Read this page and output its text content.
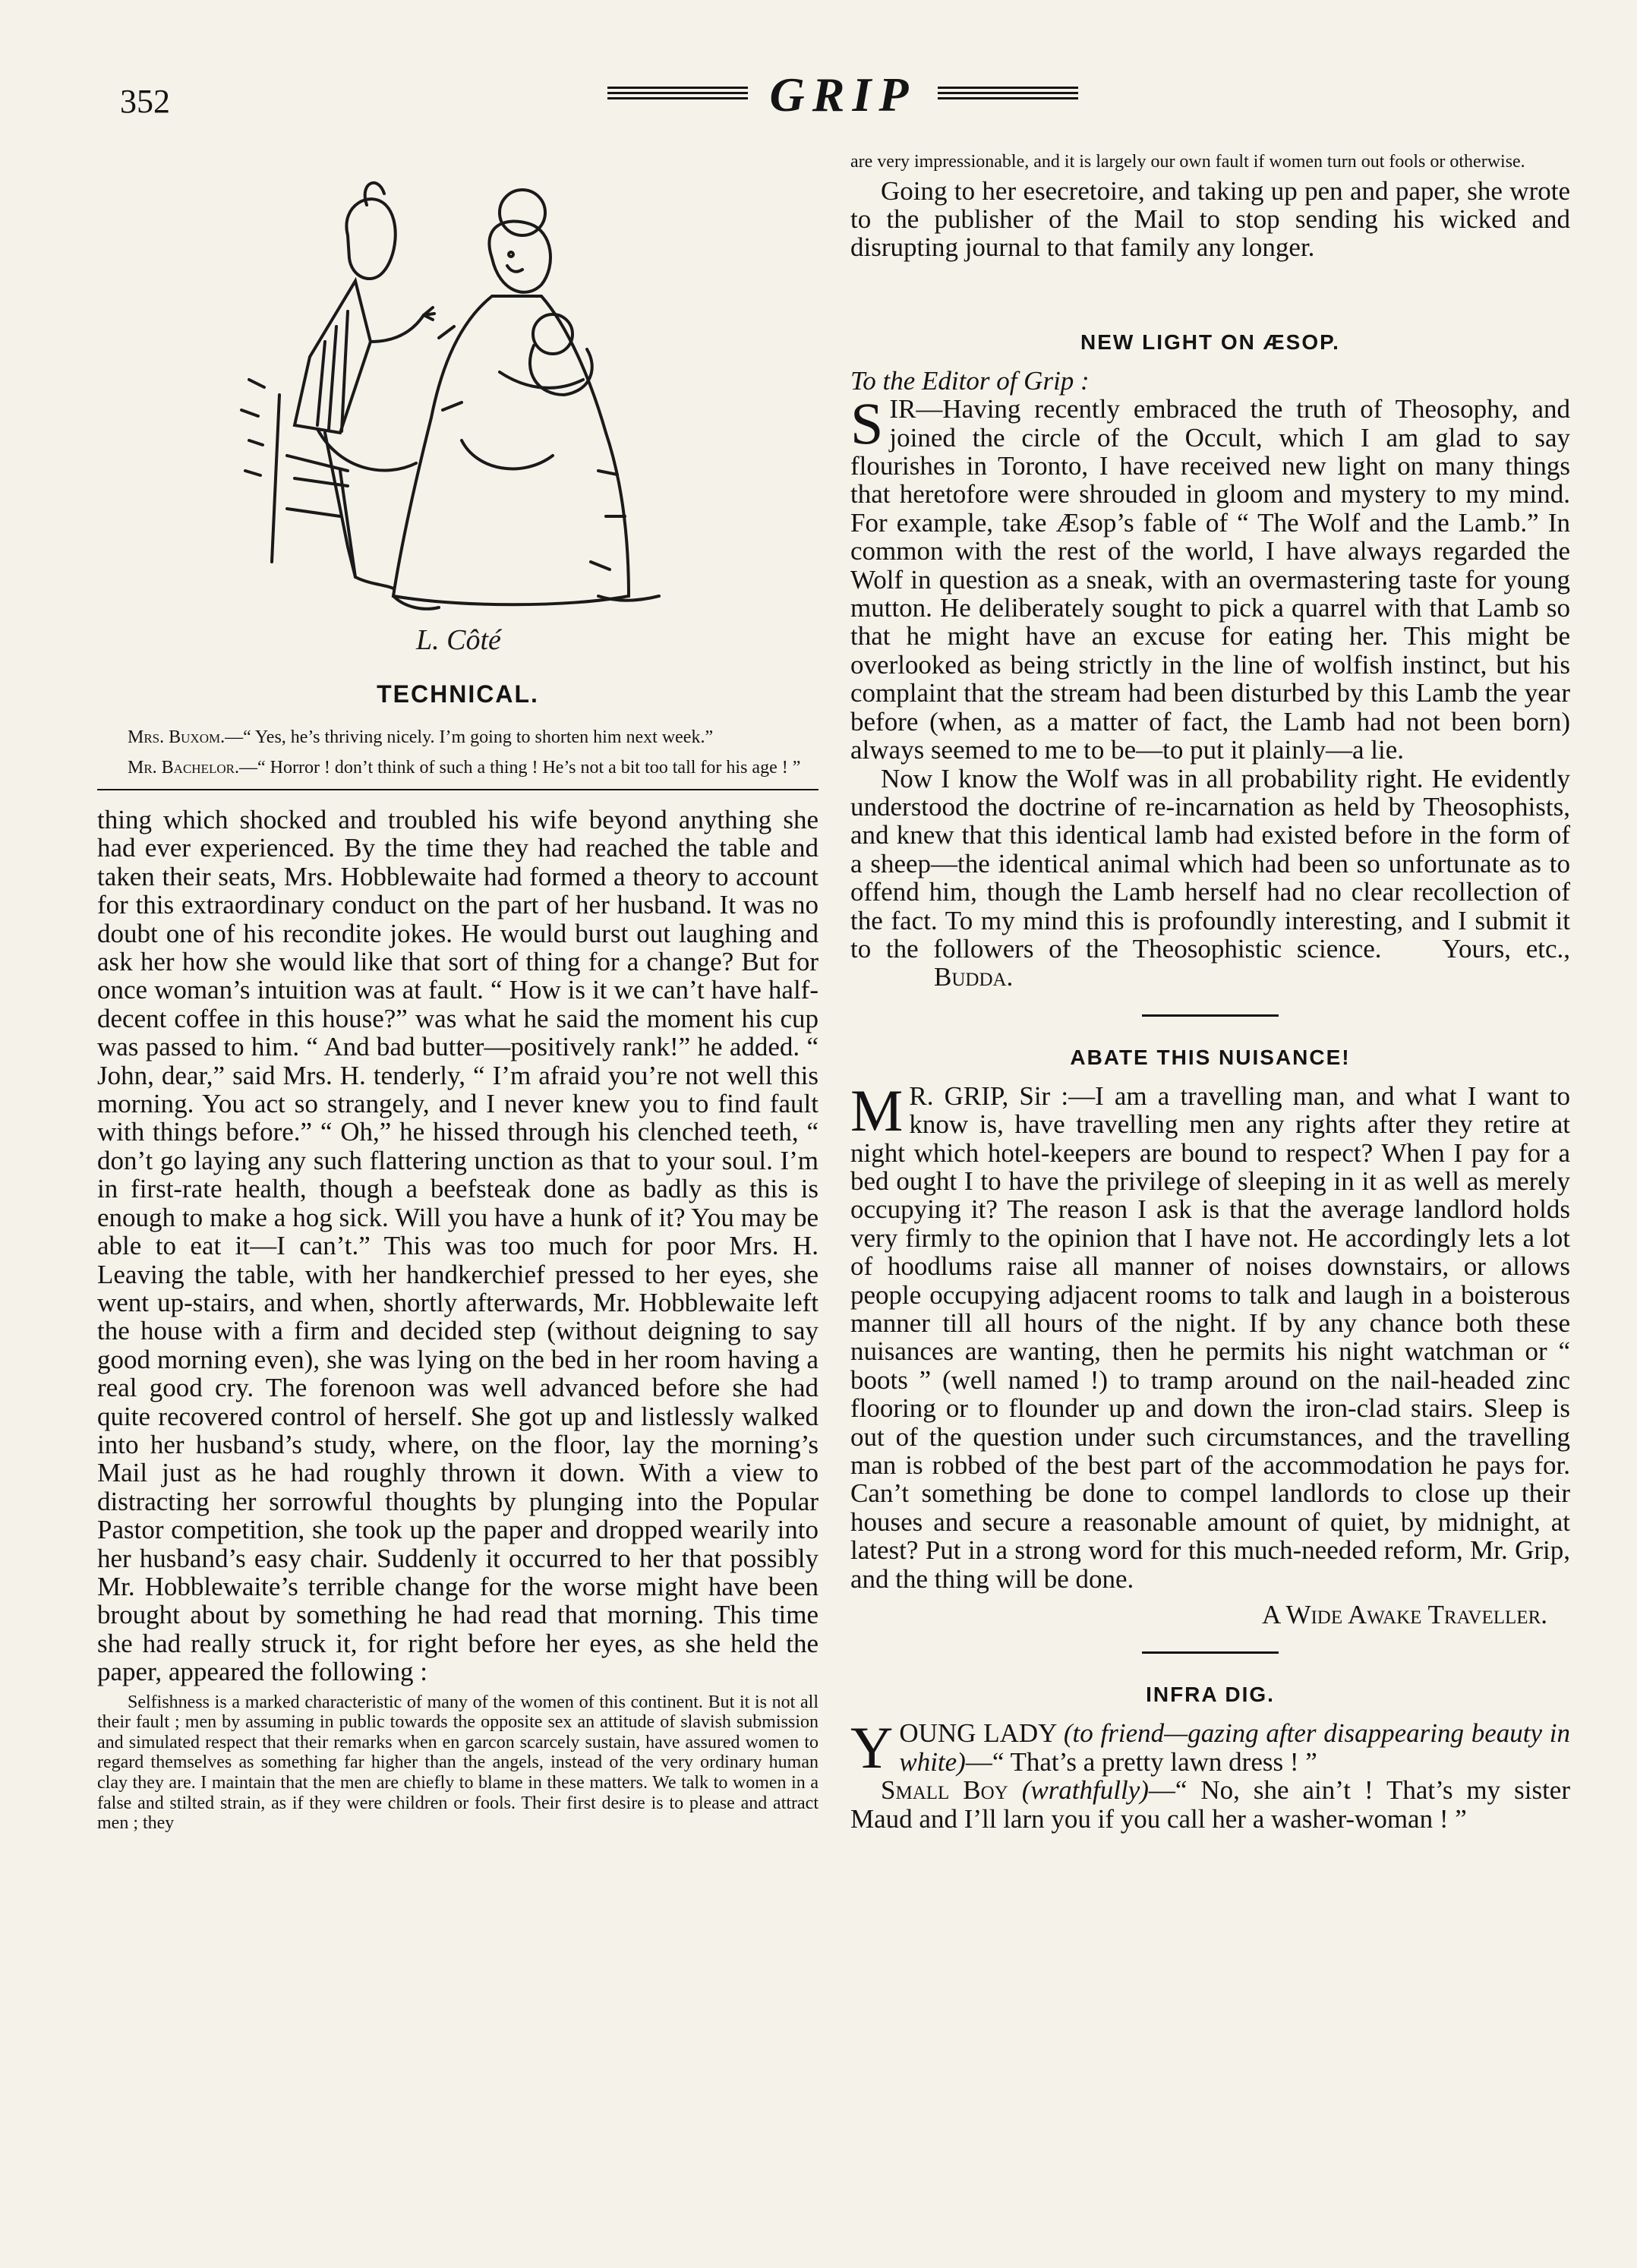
352	GRIP
L. Côté
TECHNICAL.

Mrs. Buxom.—“ Yes, he’s thriving nicely. I’m going to shorten him next week.”

Mr. Bachelor.—“ Horror ! don’t think of such a thing ! He’s not a bit too tall for his age ! ”

thing which shocked and troubled his wife beyond anything she had ever experienced. By the time they had reached the table and taken their seats, Mrs. Hobblewaite had formed a theory to account for this extraordinary conduct on the part of her husband. It was no doubt one of his recondite jokes. He would burst out laughing and ask her how she would like that sort of thing for a change? But for once woman’s intuition was at fault. “ How is it we can’t have half-decent coffee in this house?” was what he said the moment his cup was passed to him. “ And bad butter—positively rank!” he added. “ John, dear,” said Mrs. H. tenderly, “ I’m afraid you’re not well this morning. You act so strangely, and I never knew you to find fault with things before.” “ Oh,” he hissed through his clenched teeth, “ don’t go laying any such flattering unction as that to your soul. I’m in first-rate health, though a beefsteak done as badly as this is enough to make a hog sick. Will you have a hunk of it? You may be able to eat it—I can’t.” This was too much for poor Mrs. H. Leaving the table, with her handkerchief pressed to her eyes, she went up-stairs, and when, shortly afterwards, Mr. Hobblewaite left the house with a firm and decided step (without deigning to say good morning even), she was lying on the bed in her room having a real good cry. The forenoon was well advanced before she had quite recovered control of herself. She got up and listlessly walked into her husband’s study, where, on the floor, lay the morning’s Mail just as he had roughly thrown it down. With a view to distracting her sorrowful thoughts by plunging into the Popular Pastor competition, she took up the paper and dropped wearily into her husband’s easy chair. Suddenly it occurred to her that possibly Mr. Hobblewaite’s terrible change for the worse might have been brought about by something he had read that morning. This time she had really struck it, for right before her eyes, as she held the paper, appeared the following :

Selfishness is a marked characteristic of many of the women of this continent. But it is not all their fault ; men by assuming in public towards the opposite sex an attitude of slavish submission and simulated respect that their remarks when en garcon scarcely sustain, have assured women to regard themselves as something far higher than the angels, instead of the very ordinary human clay they are. I maintain that the men are chiefly to blame in these matters. We talk to women in a false and stilted strain, as if they were children or fools. Their first desire is to please and attract men ; they

are very impressionable, and it is largely our own fault if women turn out fools or otherwise.

Going to her esecretoire, and taking up pen and paper, she wrote to the publisher of the Mail to stop sending his wicked and disrupting journal to that family any longer.

NEW LIGHT ON ÆSOP.

To the Editor of Grip :

SIR—Having recently embraced the truth of Theosophy, and joined the circle of the Occult, which I am glad to say flourishes in Toronto, I have received new light on many things that heretofore were shrouded in gloom and mystery to my mind. For example, take Æsop’s fable of “ The Wolf and the Lamb.” In common with the rest of the world, I have always regarded the Wolf in question as a sneak, with an overmastering taste for young mutton. He deliberately sought to pick a quarrel with that Lamb so that he might have an excuse for eating her. This might be overlooked as being strictly in the line of wolfish instinct, but his complaint that the stream had been disturbed by this Lamb the year before (when, as a matter of fact, the Lamb had not been born) always seemed to me to be—to put it plainly—a lie.

Now I know the Wolf was in all probability right. He evidently understood the doctrine of re-incarnation as held by Theosophists, and knew that this identical lamb had existed before in the form of a sheep—the identical animal which had been so unfortunate as to offend him, though the Lamb herself had no clear recollection of the fact. To my mind this is profoundly interesting, and I submit it to the followers of the Theosophistic science. Yours, etc., Budda.

ABATE THIS NUISANCE!

M R. GRIP, Sir :—I am a travelling man, and what I want to know is, have travelling men any rights after they retire at night which hotel-keepers are bound to respect? When I pay for a bed ought I to have the privilege of sleeping in it as well as merely occupying it? The reason I ask is that the average landlord holds very firmly to the opinion that I have not. He accordingly lets a lot of hoodlums raise all manner of noises downstairs, or allows people occupying adjacent rooms to talk and laugh in a boisterous manner till all hours of the night. If by any chance both these nuisances are wanting, then he permits his night watchman or “ boots ” (well named !) to tramp around on the nail-headed zinc flooring or to flounder up and down the iron-clad stairs. Sleep is out of the question under such circumstances, and the travelling man is robbed of the best part of the accommodation he pays for. Can’t something be done to compel landlords to close up their houses and secure a reasonable amount of quiet, by midnight, at latest? Put in a strong word for this much-needed reform, Mr. Grip, and the thing will be done.

A Wide Awake Traveller.

INFRA DIG.

YOUNG LADY (to friend—gazing after disappearing beauty in white)—“ That’s a pretty lawn dress ! ”

Small Boy (wrathfully)—“ No, she ain’t ! That’s my sister Maud and I’ll larn you if you call her a washer-woman ! ”
